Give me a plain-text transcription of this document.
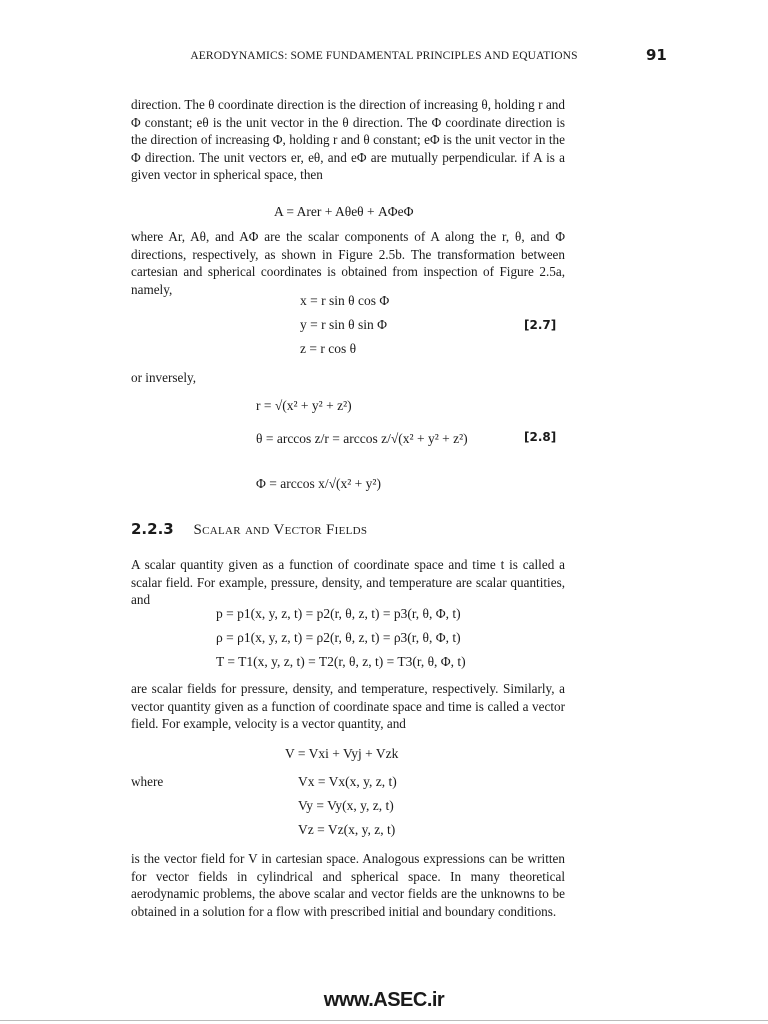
AERODYNAMICS: SOME FUNDAMENTAL PRINCIPLES AND EQUATIONS	91
direction. The θ coordinate direction is the direction of increasing θ, holding r and Φ constant; eθ is the unit vector in the θ direction. The Φ coordinate direction is the direction of increasing Φ, holding r and θ constant; eΦ is the unit vector in the Φ direction. The unit vectors er, eθ, and eΦ are mutually perpendicular. if A is a given vector in spherical space, then
A = Arer + Aθeθ + AΦeΦ
where Ar, Aθ, and AΦ are the scalar components of A along the r, θ, and Φ directions, respectively, as shown in Figure 2.5b. The transformation between cartesian and spherical coordinates is obtained from inspection of Figure 2.5a, namely,
x = r sin θ cos Φ
y = r sin θ sin Φ
z = r cos θ
[2.7]
or inversely,
r = √(x² + y² + z²)
θ = arccos z/r = arccos z/√(x² + y² + z²)
Φ = arccos x/√(x² + y²)
[2.8]
2.2.3 Scalar and Vector Fields
A scalar quantity given as a function of coordinate space and time t is called a scalar field. For example, pressure, density, and temperature are scalar quantities, and
p = p1(x, y, z, t) = p2(r, θ, z, t) = p3(r, θ, Φ, t)
ρ = ρ1(x, y, z, t) = ρ2(r, θ, z, t) = ρ3(r, θ, Φ, t)
T = T1(x, y, z, t) = T2(r, θ, z, t) = T3(r, θ, Φ, t)
are scalar fields for pressure, density, and temperature, respectively. Similarly, a vector quantity given as a function of coordinate space and time is called a vector field. For example, velocity is a vector quantity, and
V = Vxi + Vyj + Vzk
where	Vx = Vx(x, y, z, t)
Vy = Vy(x, y, z, t)
Vz = Vz(x, y, z, t)
is the vector field for V in cartesian space. Analogous expressions can be written for vector fields in cylindrical and spherical space. In many theoretical aerodynamic problems, the above scalar and vector fields are the unknowns to be obtained in a solution for a flow with prescribed initial and boundary conditions.
www.ASEC.ir
